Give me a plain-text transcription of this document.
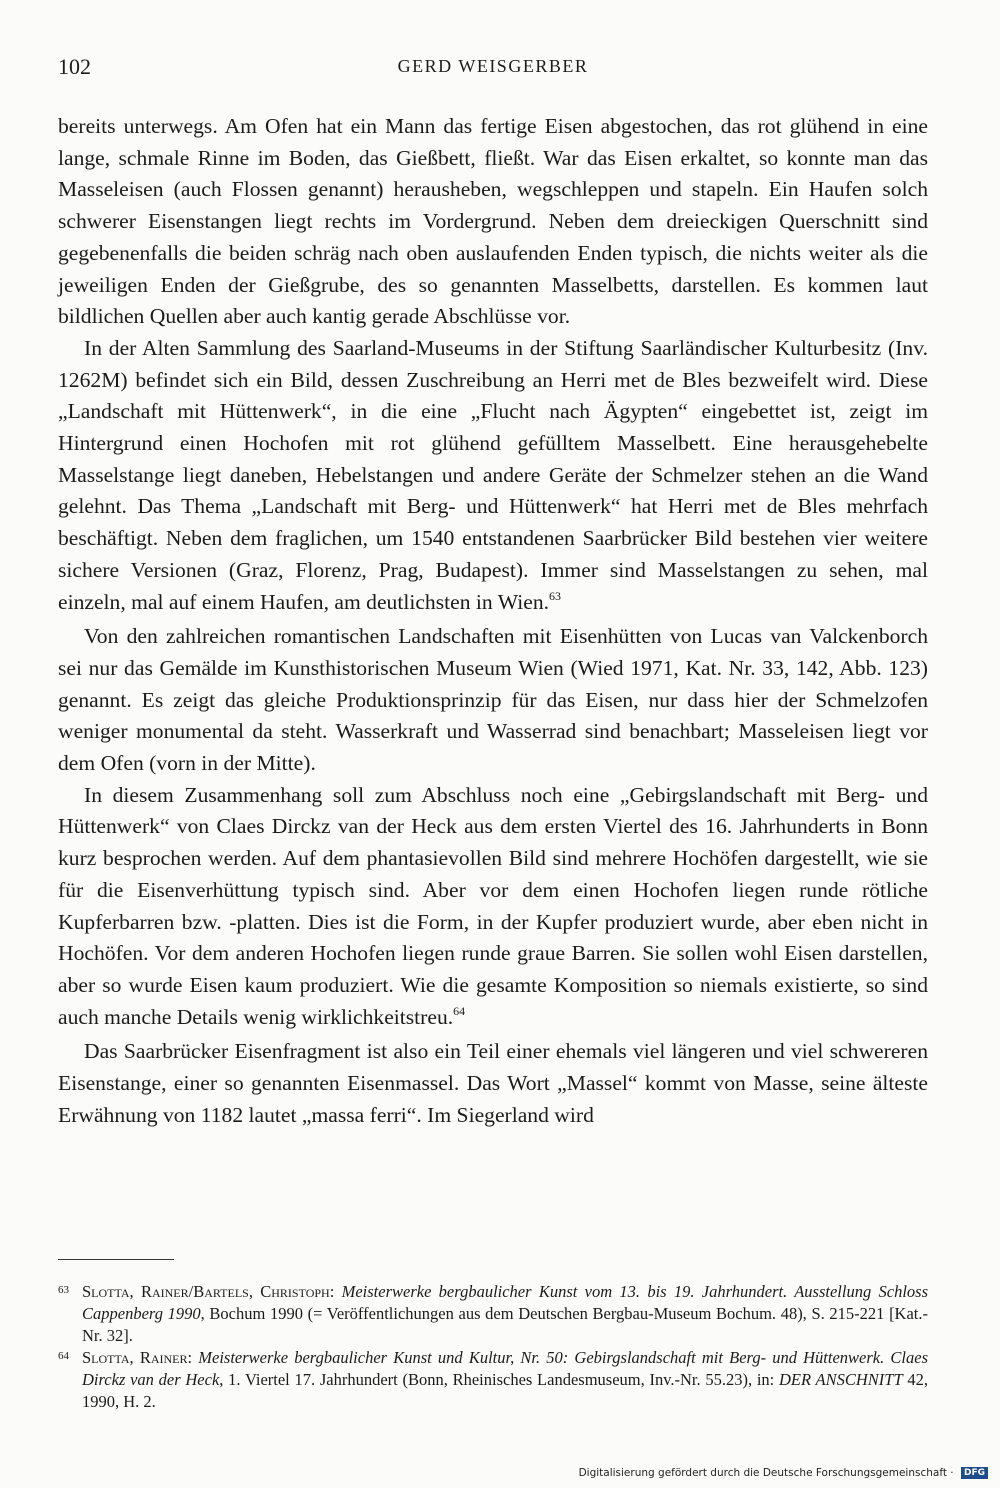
102	GERD WEISGERBER

bereits unterwegs. Am Ofen hat ein Mann das fertige Eisen abgestochen, das rot glühend in eine lange, schmale Rinne im Boden, das Gießbett, fließt. War das Eisen erkaltet, so konnte man das Masseleisen (auch Flossen genannt) herausheben, wegschleppen und stapeln. Ein Haufen solch schwerer Eisenstangen liegt rechts im Vordergrund. Neben dem dreieckigen Querschnitt sind gegebenenfalls die beiden schräg nach oben auslaufenden Enden typisch, die nichts weiter als die jeweiligen Enden der Gießgrube, des so genannten Masselbetts, darstellen. Es kommen laut bildlichen Quellen aber auch kantig gerade Abschlüsse vor.

In der Alten Sammlung des Saarland-Museums in der Stiftung Saarländischer Kulturbesitz (Inv. 1262M) befindet sich ein Bild, dessen Zuschreibung an Herri met de Bles bezweifelt wird. Diese „Landschaft mit Hüttenwerk“, in die eine „Flucht nach Ägypten“ eingebettet ist, zeigt im Hintergrund einen Hochofen mit rot glühend gefülltem Masselbett. Eine herausgehebelte Masselstange liegt daneben, Hebelstangen und andere Geräte der Schmelzer stehen an die Wand gelehnt. Das Thema „Landschaft mit Berg- und Hüttenwerk“ hat Herri met de Bles mehrfach beschäftigt. Neben dem fraglichen, um 1540 entstandenen Saarbrücker Bild bestehen vier weitere sichere Versionen (Graz, Florenz, Prag, Budapest). Immer sind Masselstangen zu sehen, mal einzeln, mal auf einem Haufen, am deutlichsten in Wien.$^{63}$

Von den zahlreichen romantischen Landschaften mit Eisenhütten von Lucas van Valckenborch sei nur das Gemälde im Kunsthistorischen Museum Wien (Wied 1971, Kat. Nr. 33, 142, Abb. 123) genannt. Es zeigt das gleiche Produktionsprinzip für das Eisen, nur dass hier der Schmelzofen weniger monumental da steht. Wasserkraft und Wasserrad sind benachbart; Masseleisen liegt vor dem Ofen (vorn in der Mitte).

In diesem Zusammenhang soll zum Abschluss noch eine „Gebirgslandschaft mit Berg- und Hüttenwerk“ von Claes Dirckz van der Heck aus dem ersten Viertel des 16. Jahrhunderts in Bonn kurz besprochen werden. Auf dem phantasievollen Bild sind mehrere Hochöfen dargestellt, wie sie für die Eisenverhüttung typisch sind. Aber vor dem einen Hochofen liegen runde rötliche Kupferbarren bzw. -platten. Dies ist die Form, in der Kupfer produziert wurde, aber eben nicht in Hochöfen. Vor dem anderen Hochofen liegen runde graue Barren. Sie sollen wohl Eisen darstellen, aber so wurde Eisen kaum produziert. Wie die gesamte Komposition so niemals existierte, so sind auch manche Details wenig wirklichkeitstreu.$^{64}$

Das Saarbrücker Eisenfragment ist also ein Teil einer ehemals viel längeren und viel schwereren Eisenstange, einer so genannten Eisenmassel. Das Wort „Massel“ kommt von Masse, seine älteste Erwähnung von 1182 lautet „massa ferri“. Im Siegerland wird

63 Slotta, Rainer/Bartels, Christoph: Meisterwerke bergbaulicher Kunst vom 13. bis 19. Jahrhundert. Ausstellung Schloss Cappenberg 1990, Bochum 1990 (= Veröffentlichungen aus dem Deutschen Bergbau-Museum Bochum. 48), S. 215-221 [Kat.-Nr. 32].
64 Slotta, Rainer: Meisterwerke bergbaulicher Kunst und Kultur, Nr. 50: Gebirgslandschaft mit Berg- und Hüttenwerk. Claes Dirckz van der Heck, 1. Viertel 17. Jahrhundert (Bonn, Rheinisches Landesmuseum, Inv.-Nr. 55.23), in: DER ANSCHNITT 42, 1990, H. 2.
Digitalisierung gefördert durch die Deutsche Forschungsgemeinschaft · DFG
